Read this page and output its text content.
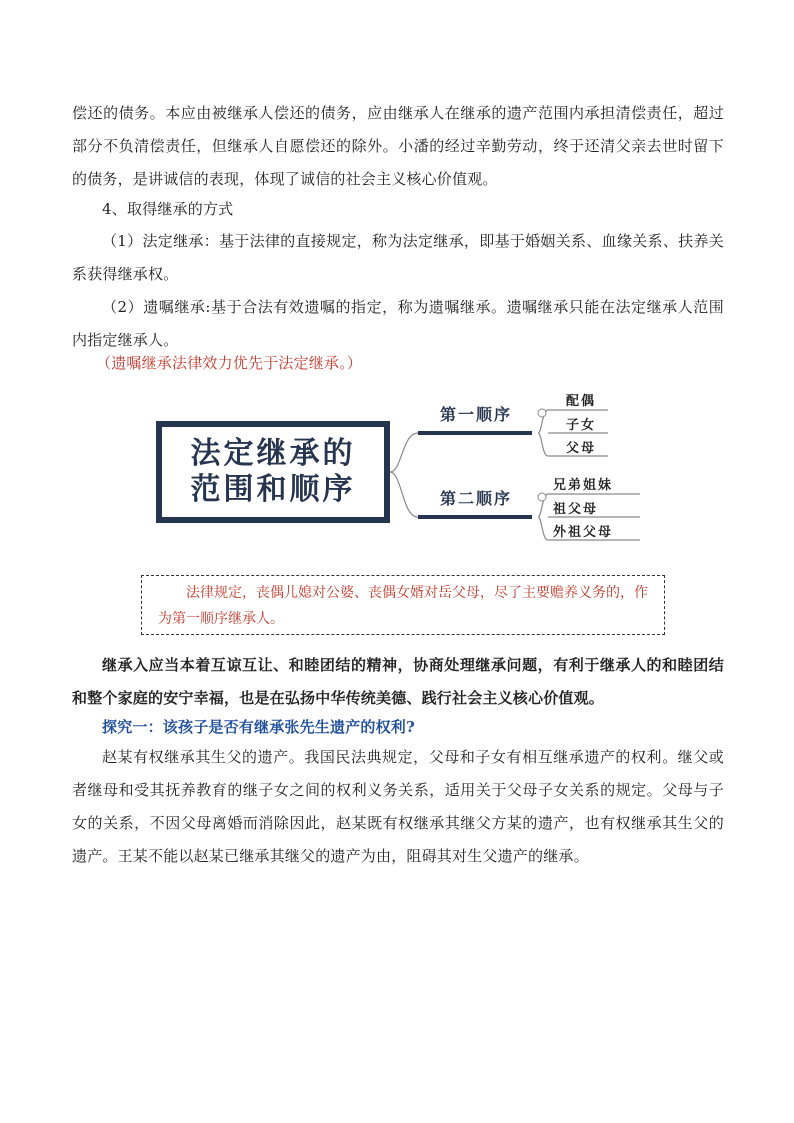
偿还的债务。本应由被继承人偿还的债务，应由继承人在继承的遗产范围内承担清偿责任，超过部分不负清偿责任，但继承人自愿偿还的除外。小潘的经过辛勤劳动，终于还清父亲去世时留下的债务，是讲诚信的表现，体现了诚信的社会主义核心价值观。

4、取得继承的方式

（1）法定继承：基于法律的直接规定，称为法定继承，即基于婚姻关系、血缘关系、扶养关系获得继承权。

（2）遗嘱继承:基于合法有效遗嘱的指定，称为遗嘱继承。遗嘱继承只能在法定继承人范围内指定继承人。

（遗嘱继承法律效力优先于法定继承。）

法定继承的
范围和顺序
第一顺序
第二顺序
配偶
子女
父母
兄弟姐妹
祖父母
外祖父母

法律规定，丧偶儿媳对公婆、丧偶女婿对岳父母，尽了主要赡养义务的，作为第一顺序继承人。

继承入应当本着互谅互让、和睦团结的精神，协商处理继承问题，有利于继承人的和睦团结和整个家庭的安宁幸福，也是在弘扬中华传统美德、践行社会主义核心价值观。

探究一：该孩子是否有继承张先生遗产的权利?

赵某有权继承其生父的遗产。我国民法典规定，父母和子女有相互继承遗产的权利。继父或者继母和受其抚养教育的继子女之间的权利义务关系，适用关于父母子女关系的规定。父母与子女的关系，不因父母离婚而消除因此，赵某既有权继承其继父方某的遗产，也有权继承其生父的遗产。王某不能以赵某已继承其继父的遗产为由，阻碍其对生父遗产的继承。
